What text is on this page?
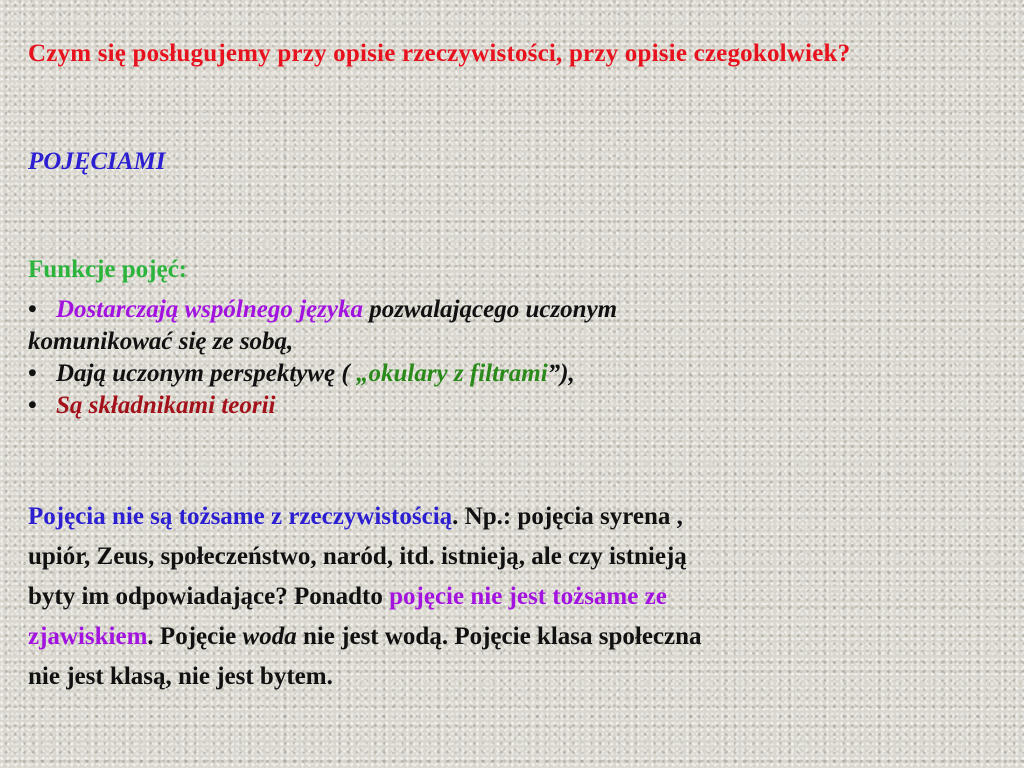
Czym się posługujemy przy opisie rzeczywistości, przy opisie czegokolwiek?

POJĘCIAMI

Funkcje pojęć:

• Dostarczają wspólnego języka pozwalającego uczonym
komunikować się ze sobą,
• Dają uczonym perspektywę ( „okulary z filtrami”),
• Są składnikami teorii
Pojęcia nie są tożsame z rzeczywistością. Np.: pojęcia syrena ,
upiór, Zeus, społeczeństwo, naród, itd. istnieją, ale czy istnieją
byty im odpowiadające? Ponadto pojęcie nie jest tożsame ze
zjawiskiem. Pojęcie woda nie jest wodą. Pojęcie klasa społeczna
nie jest klasą, nie jest bytem.
